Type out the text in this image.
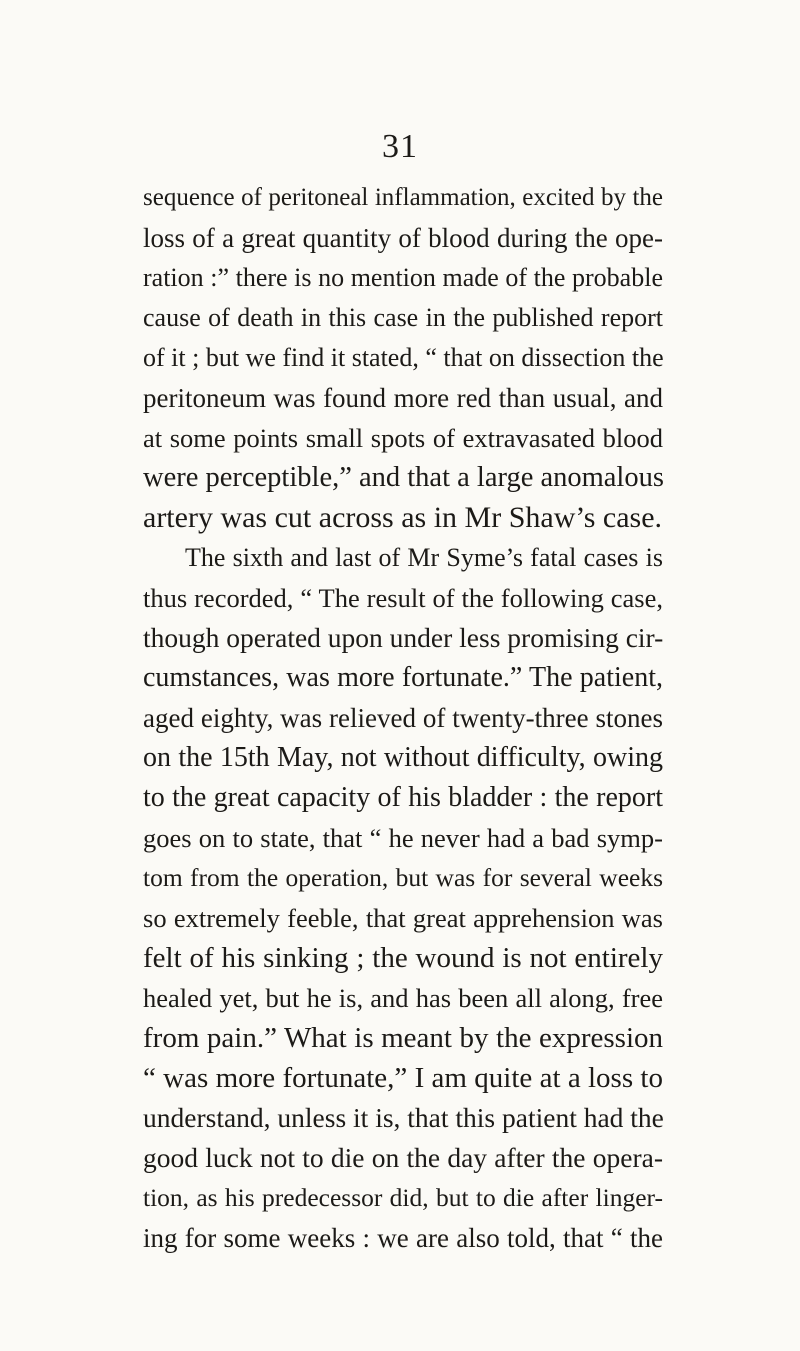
31
sequence of peritoneal inflammation, excited by the
loss of a great quantity of blood during the ope-
ration :” there is no mention made of the probable
cause of death in this case in the published report
of it ; but we find it stated, “ that on dissection the
peritoneum was found more red than usual, and
at some points small spots of extravasated blood
were perceptible,” and that a large anomalous
artery was cut across as in Mr Shaw’s case.
The sixth and last of Mr Syme’s fatal cases is
thus recorded, “ The result of the following case,
though operated upon under less promising cir-
cumstances, was more fortunate.” The patient,
aged eighty, was relieved of twenty-three stones
on the 15th May, not without difficulty, owing
to the great capacity of his bladder : the report
goes on to state, that “ he never had a bad symp-
tom from the operation, but was for several weeks
so extremely feeble, that great apprehension was
felt of his sinking ; the wound is not entirely
healed yet, but he is, and has been all along, free
from pain.” What is meant by the expression
“ was more fortunate,” I am quite at a loss to
understand, unless it is, that this patient had the
good luck not to die on the day after the opera-
tion, as his predecessor did, but to die after linger-
ing for some weeks : we are also told, that “ the
